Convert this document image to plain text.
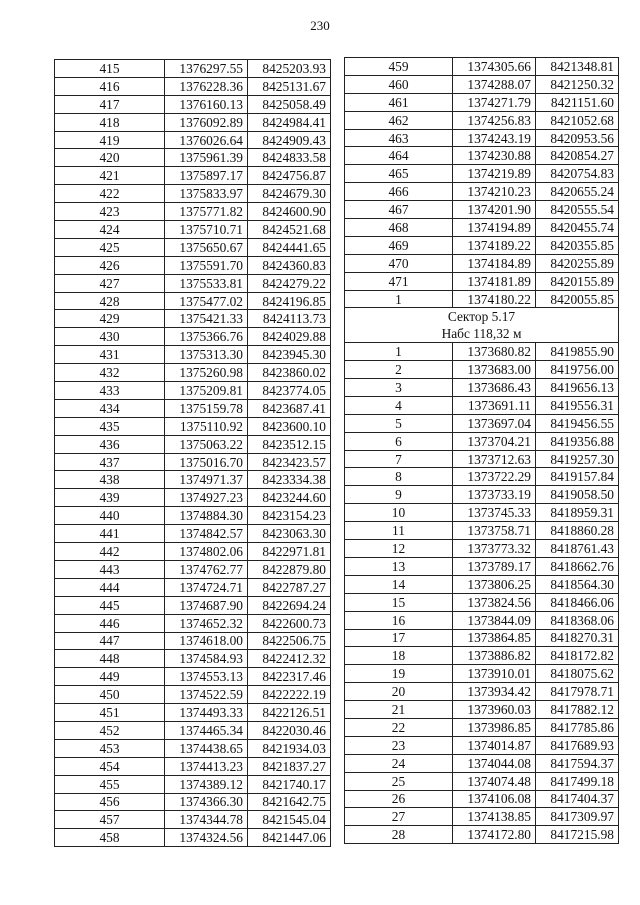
230
415	1376297.55	8425203.93
416	1376228.36	8425131.67
417	1376160.13	8425058.49
418	1376092.89	8424984.41
419	1376026.64	8424909.43
420	1375961.39	8424833.58
421	1375897.17	8424756.87
422	1375833.97	8424679.30
423	1375771.82	8424600.90
424	1375710.71	8424521.68
425	1375650.67	8424441.65
426	1375591.70	8424360.83
427	1375533.81	8424279.22
428	1375477.02	8424196.85
429	1375421.33	8424113.73
430	1375366.76	8424029.88
431	1375313.30	8423945.30
432	1375260.98	8423860.02
433	1375209.81	8423774.05
434	1375159.78	8423687.41
435	1375110.92	8423600.10
436	1375063.22	8423512.15
437	1375016.70	8423423.57
438	1374971.37	8423334.38
439	1374927.23	8423244.60
440	1374884.30	8423154.23
441	1374842.57	8423063.30
442	1374802.06	8422971.81
443	1374762.77	8422879.80
444	1374724.71	8422787.27
445	1374687.90	8422694.24
446	1374652.32	8422600.73
447	1374618.00	8422506.75
448	1374584.93	8422412.32
449	1374553.13	8422317.46
450	1374522.59	8422222.19
451	1374493.33	8422126.51
452	1374465.34	8422030.46
453	1374438.65	8421934.03
454	1374413.23	8421837.27
455	1374389.12	8421740.17
456	1374366.30	8421642.75
457	1374344.78	8421545.04
458	1374324.56	8421447.06
459	1374305.66	8421348.81
460	1374288.07	8421250.32
461	1374271.79	8421151.60
462	1374256.83	8421052.68
463	1374243.19	8420953.56
464	1374230.88	8420854.27
465	1374219.89	8420754.83
466	1374210.23	8420655.24
467	1374201.90	8420555.54
468	1374194.89	8420455.74
469	1374189.22	8420355.85
470	1374184.89	8420255.89
471	1374181.89	8420155.89
1	1374180.22	8420055.85
Сектор 5.17		
Набс 118,32 м		
1	1373680.82	8419855.90
2	1373683.00	8419756.00
3	1373686.43	8419656.13
4	1373691.11	8419556.31
5	1373697.04	8419456.55
6	1373704.21	8419356.88
7	1373712.63	8419257.30
8	1373722.29	8419157.84
9	1373733.19	8419058.50
10	1373745.33	8418959.31
11	1373758.71	8418860.28
12	1373773.32	8418761.43
13	1373789.17	8418662.76
14	1373806.25	8418564.30
15	1373824.56	8418466.06
16	1373844.09	8418368.06
17	1373864.85	8418270.31
18	1373886.82	8418172.82
19	1373910.01	8418075.62
20	1373934.42	8417978.71
21	1373960.03	8417882.12
22	1373986.85	8417785.86
23	1374014.87	8417689.93
24	1374044.08	8417594.37
25	1374074.48	8417499.18
26	1374106.08	8417404.37
27	1374138.85	8417309.97
28	1374172.80	8417215.98
